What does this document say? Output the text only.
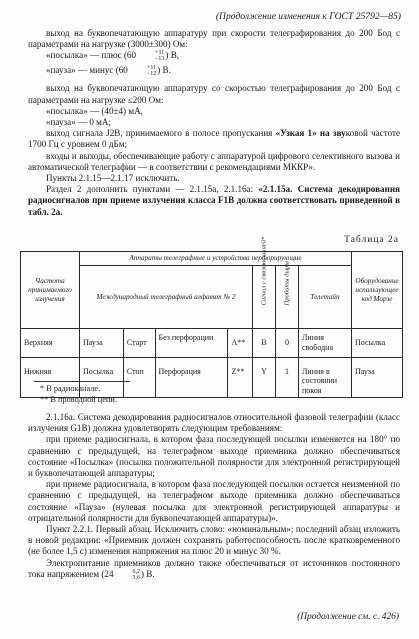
(Продолжение изменения к ГОСТ 25792—85)

выход на буквопечатающую аппаратуру при скорости телеграфирования до 200 Бод с параметрами на нагрузке (3000±300) Ом:

«посылка» — плюс (60	+11
−13 ) В,

«пауза» — минус (60	+11
−12 ) В.

выход на буквопечатающую аппаратуру со скоростью телеграфирования до 200 Бод с параметрами на нагрузке ≤200 Ом:

«посылка» — (40±4) мА,

«пауза» — 0 мА;

выход сигнала J2B, принимаемого в полосе пропускания «Узкая 1» на звуковой частоте 1700 Гц с уровнем 0 дБм;

входы и выходы, обеспечивающие работу с аппаратурой цифрового селективного вызова и автоматической телеграфии — в соответствии с рекомендациями МККР».

Пункты 2.1.15—2.1.17 исключить.

Раздел 2 дополнить пунктами — 2.1.15а, 2.1.16а: «2.1.15а. Система декодирования радиосигналов при приеме излучения класса F1B должна соответствовать приведенной в табл. 2а.

Таблица 2а
Частота принимаемого излучения	Аппараты телеграфные и устройства перфорирующие							Оборудование использующее код Морзе
	Международный телеграфный алфавит № 2				Сигнал с связью линией*	Пробиты дыры	Телетайп	
Верхняя	Пауза	Старт	Без перфорации	A**	B	0	Линия свободна	Посылка
Нижняя	Посылка	Стоп	Перфорация	Z**	Y	1	Линия в состоянии покоя	Пауза
* В радиоканале.
** В проводной цепи.

2.1.16а. Система декодирования радиосигналов относительной фазовой телеграфии (класс излучения G1B) должна удовлетворять следующим требованиям:

при приеме радиосигнала, в котором фаза последующей посылки изменяется на 180° по сравнению с предыдущей, на телеграфном выходе приемника должно обеспечиваться состояние «Посылка» (посылка положительной полярности для электронной регистрирующей и буквопечатающей аппаратуры;

при приеме радиосигнала, в котором фаза последующей посылки остается неизменной по сравнению с предыдущей, на телеграфном выходе приемника должно обеспечиваться состояние «Пауза» (нулевая посылка для электронной регистрирующей аппаратуры и отрицательной полярности для буквопечатающей аппаратуры)».

Пункт 2.2.1. Первый абзац. Исключить слово: «номинальным»; последний абзац изложить в новой редакции: «Приемник должен сохранять работоспособность после кратковременного (не более 1,5 с) изменения напряжения на плюс 20 и минус 30 %.

Электропитание приемников должно также обеспечиваться от источников постоянного тока напряжением (24	6,2
3,6 ) В.

(Продолжение см. с. 426)
